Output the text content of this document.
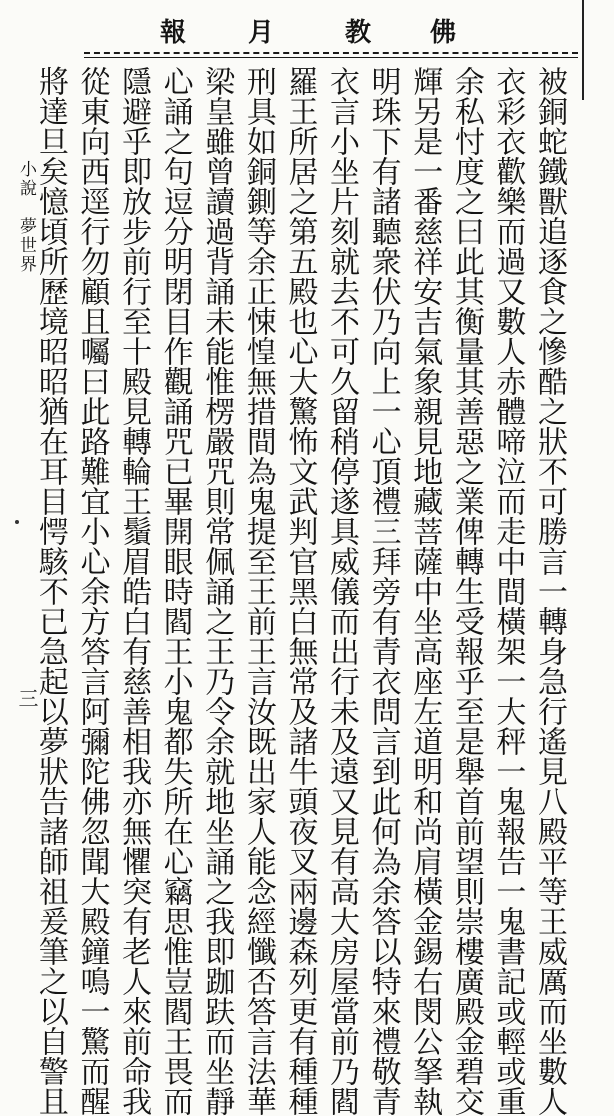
佛
教
月
報
被銅蛇鐵獸追逐食之慘酷之狀不可勝言一轉身急行遙見八殿平等王威厲而坐數人
衣彩衣歡樂而過又數人赤體啼泣而走中間橫架一大秤一鬼報告一鬼書記或輕或重
余私忖度之曰此其衡量其善惡之業俾轉生受報乎至是舉首前望則崇樓廣殿金碧交
輝另是一番慈祥安吉氣象親見地藏菩薩中坐高座左道明和尚肩橫金錫右閔公拏執
明珠下有諸聽衆伏乃向上一心頂禮三拜旁有青衣問言到此何為余答以特來禮敬青
衣言小坐片刻就去不可久留稍停遂具威儀而出行未及遠又見有高大房屋當前乃閻
羅王所居之第五殿也心大驚怖文武判官黑白無常及諸牛頭夜叉兩邊森列更有種種
刑具如銅鍘等余正悚惶無措間為鬼提至王前王言汝既出家人能念經懺否答言法華
梁皇雖曾讀過背誦未能惟楞嚴咒則常佩誦之王乃令余就地坐誦之我即跏趺而坐靜
心誦之句逗分明閉目作觀誦咒已畢開眼時閻王小鬼都失所在心竊思惟豈閻王畏而
隱避乎即放步前行至十殿見轉輪王鬚眉皓白有慈善相我亦無懼突有老人來前命我
從東向西逕行勿顧且囑曰此路難宜小心余方答言阿彌陀佛忽聞大殿鐘鳴一驚而醒
將達旦矣憶頃所歷境昭昭猶在耳目愕駭不已急起以夢狀告諸師祖爰筆之以自警且
小說　夢世界
三
